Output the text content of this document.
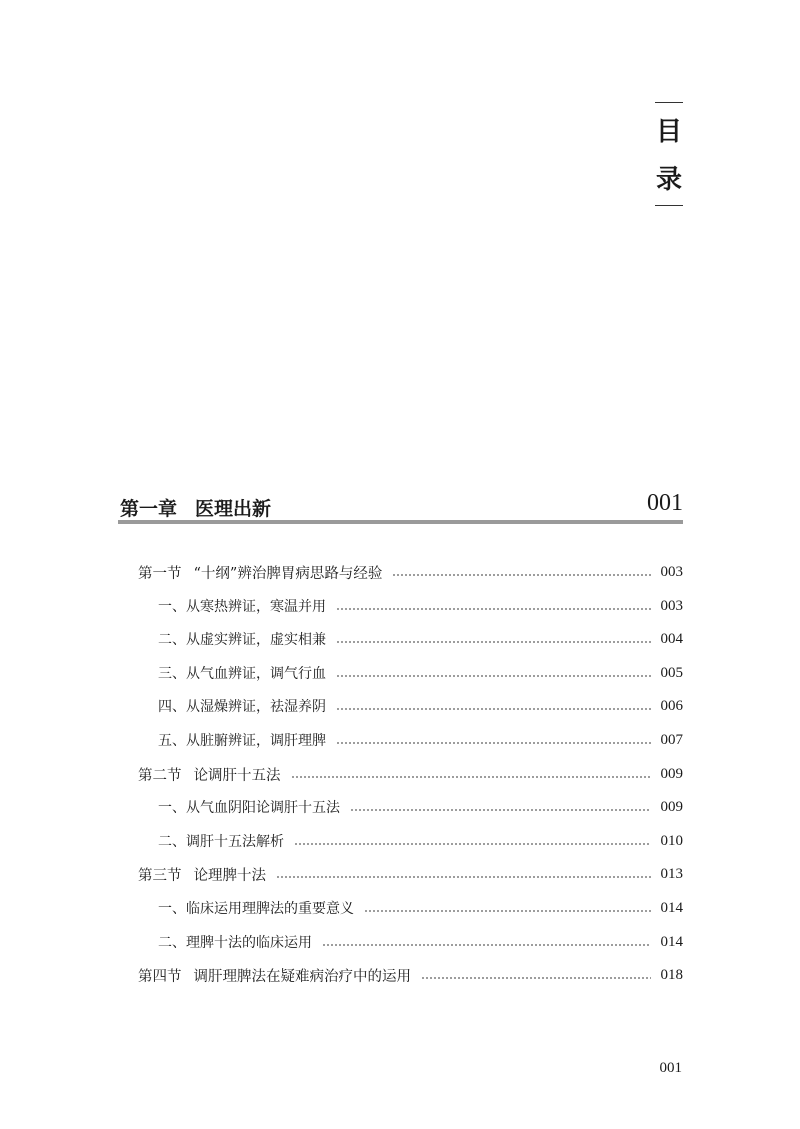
目
录
第一章 医理出新	001
第一节 “十纲”辨治脾胃病思路与经验	003
一、从寒热辨证，寒温并用	003
二、从虚实辨证，虚实相兼	004
三、从气血辨证，调气行血	005
四、从湿燥辨证，祛湿养阴	006
五、从脏腑辨证，调肝理脾	007
第二节 论调肝十五法	009
一、从气血阴阳论调肝十五法	009
二、调肝十五法解析	010
第三节 论理脾十法	013
一、临床运用理脾法的重要意义	014
二、理脾十法的临床运用	014
第四节 调肝理脾法在疑难病治疗中的运用	018
001
